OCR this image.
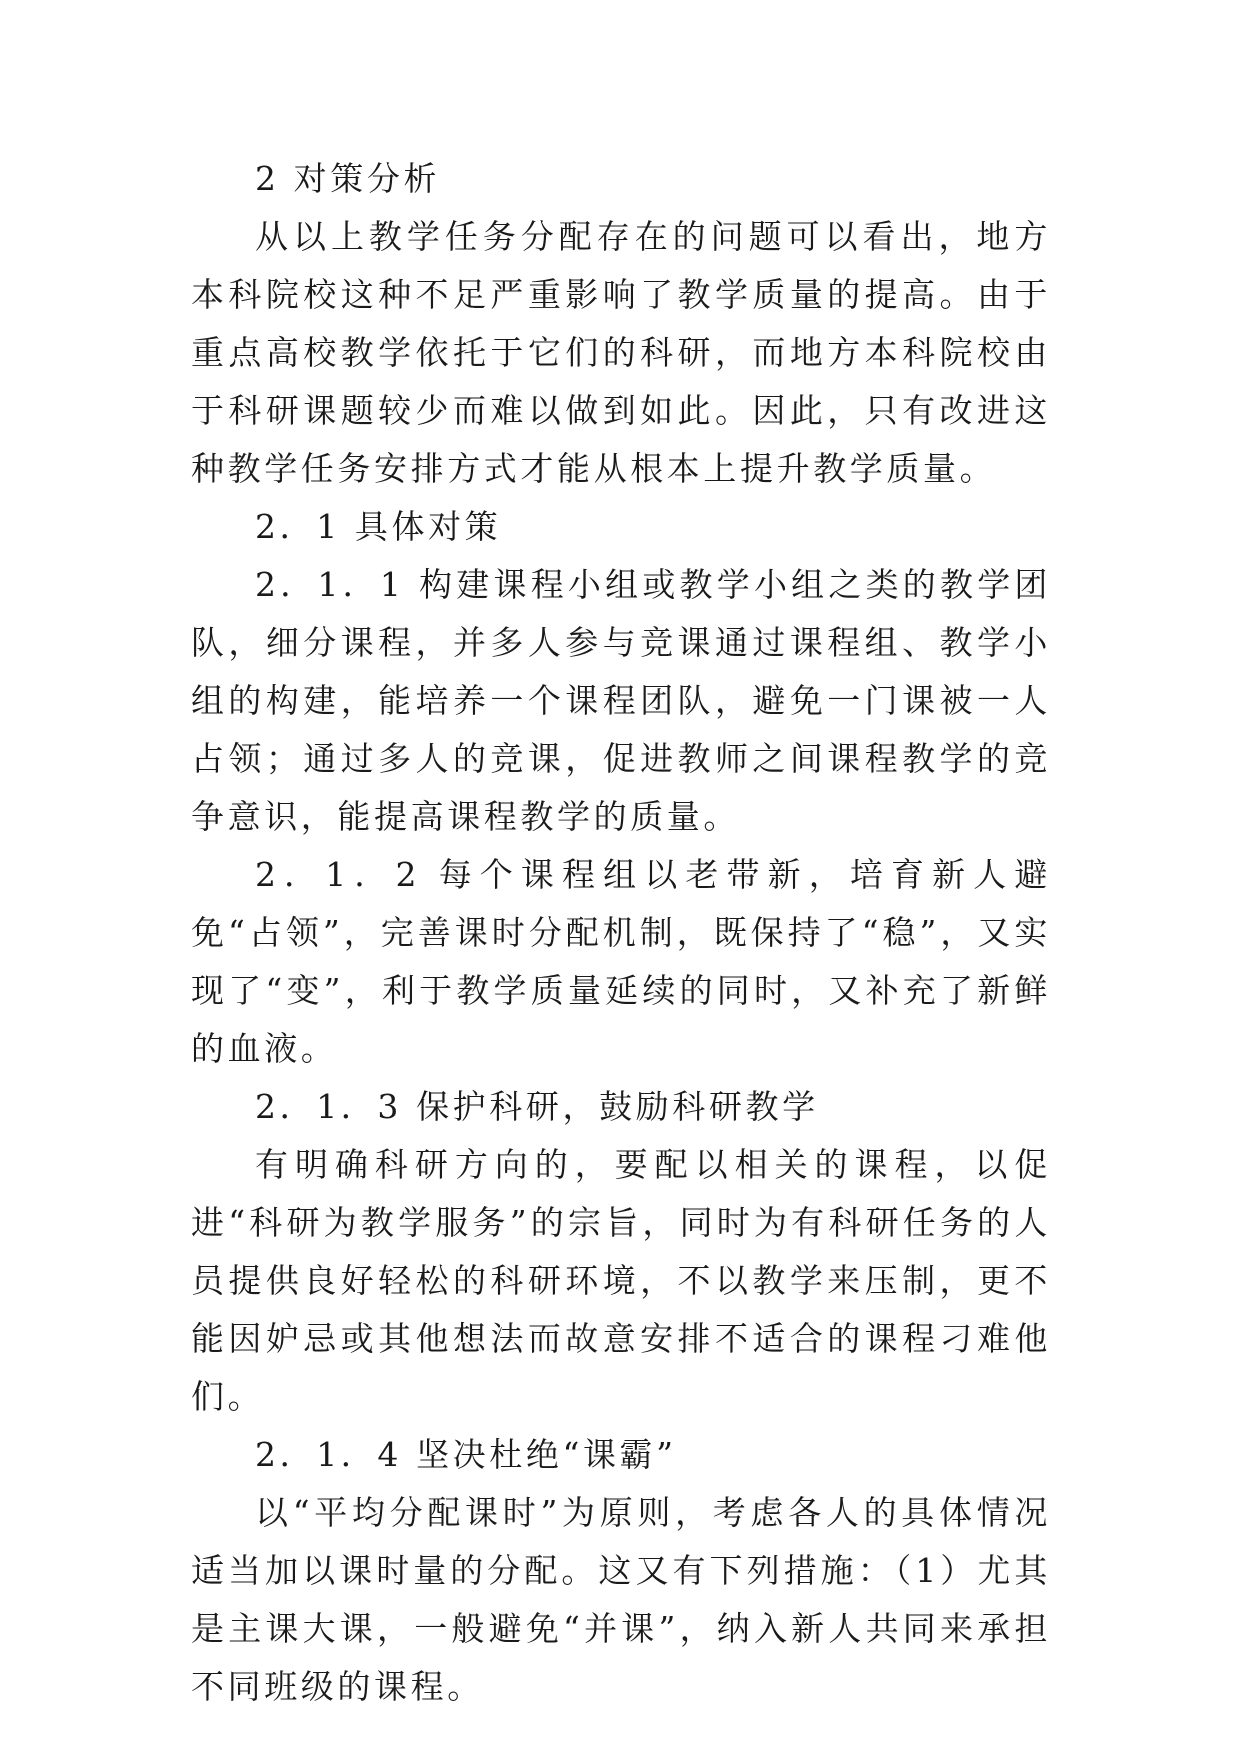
2 对策分析

从以上教学任务分配存在的问题可以看出，地方本科院校这种不足严重影响了教学质量的提高。由于重点高校教学依托于它们的科研，而地方本科院校由于科研课题较少而难以做到如此。因此，只有改进这种教学任务安排方式才能从根本上提升教学质量。

2．1 具体对策

2．1．1 构建课程小组或教学小组之类的教学团队，细分课程，并多人参与竞课通过课程组、教学小组的构建，能培养一个课程团队，避免一门课被一人占领；通过多人的竞课，促进教师之间课程教学的竞争意识，能提高课程教学的质量。

2．1．2 每个课程组以老带新，培育新人避免“占领”，完善课时分配机制，既保持了“稳”，又实现了“变”，利于教学质量延续的同时，又补充了新鲜的血液。

2．1．3 保护科研，鼓励科研教学

有明确科研方向的，要配以相关的课程，以促进“科研为教学服务”的宗旨，同时为有科研任务的人员提供良好轻松的科研环境，不以教学来压制，更不能因妒忌或其他想法而故意安排不适合的课程刁难他们。

2．1．4 坚决杜绝“课霸”

以“平均分配课时”为原则，考虑各人的具体情况适当加以课时量的分配。这又有下列措施：（1）尤其是主课大课，一般避免“并课”，纳入新人共同来承担不同班级的课程。
